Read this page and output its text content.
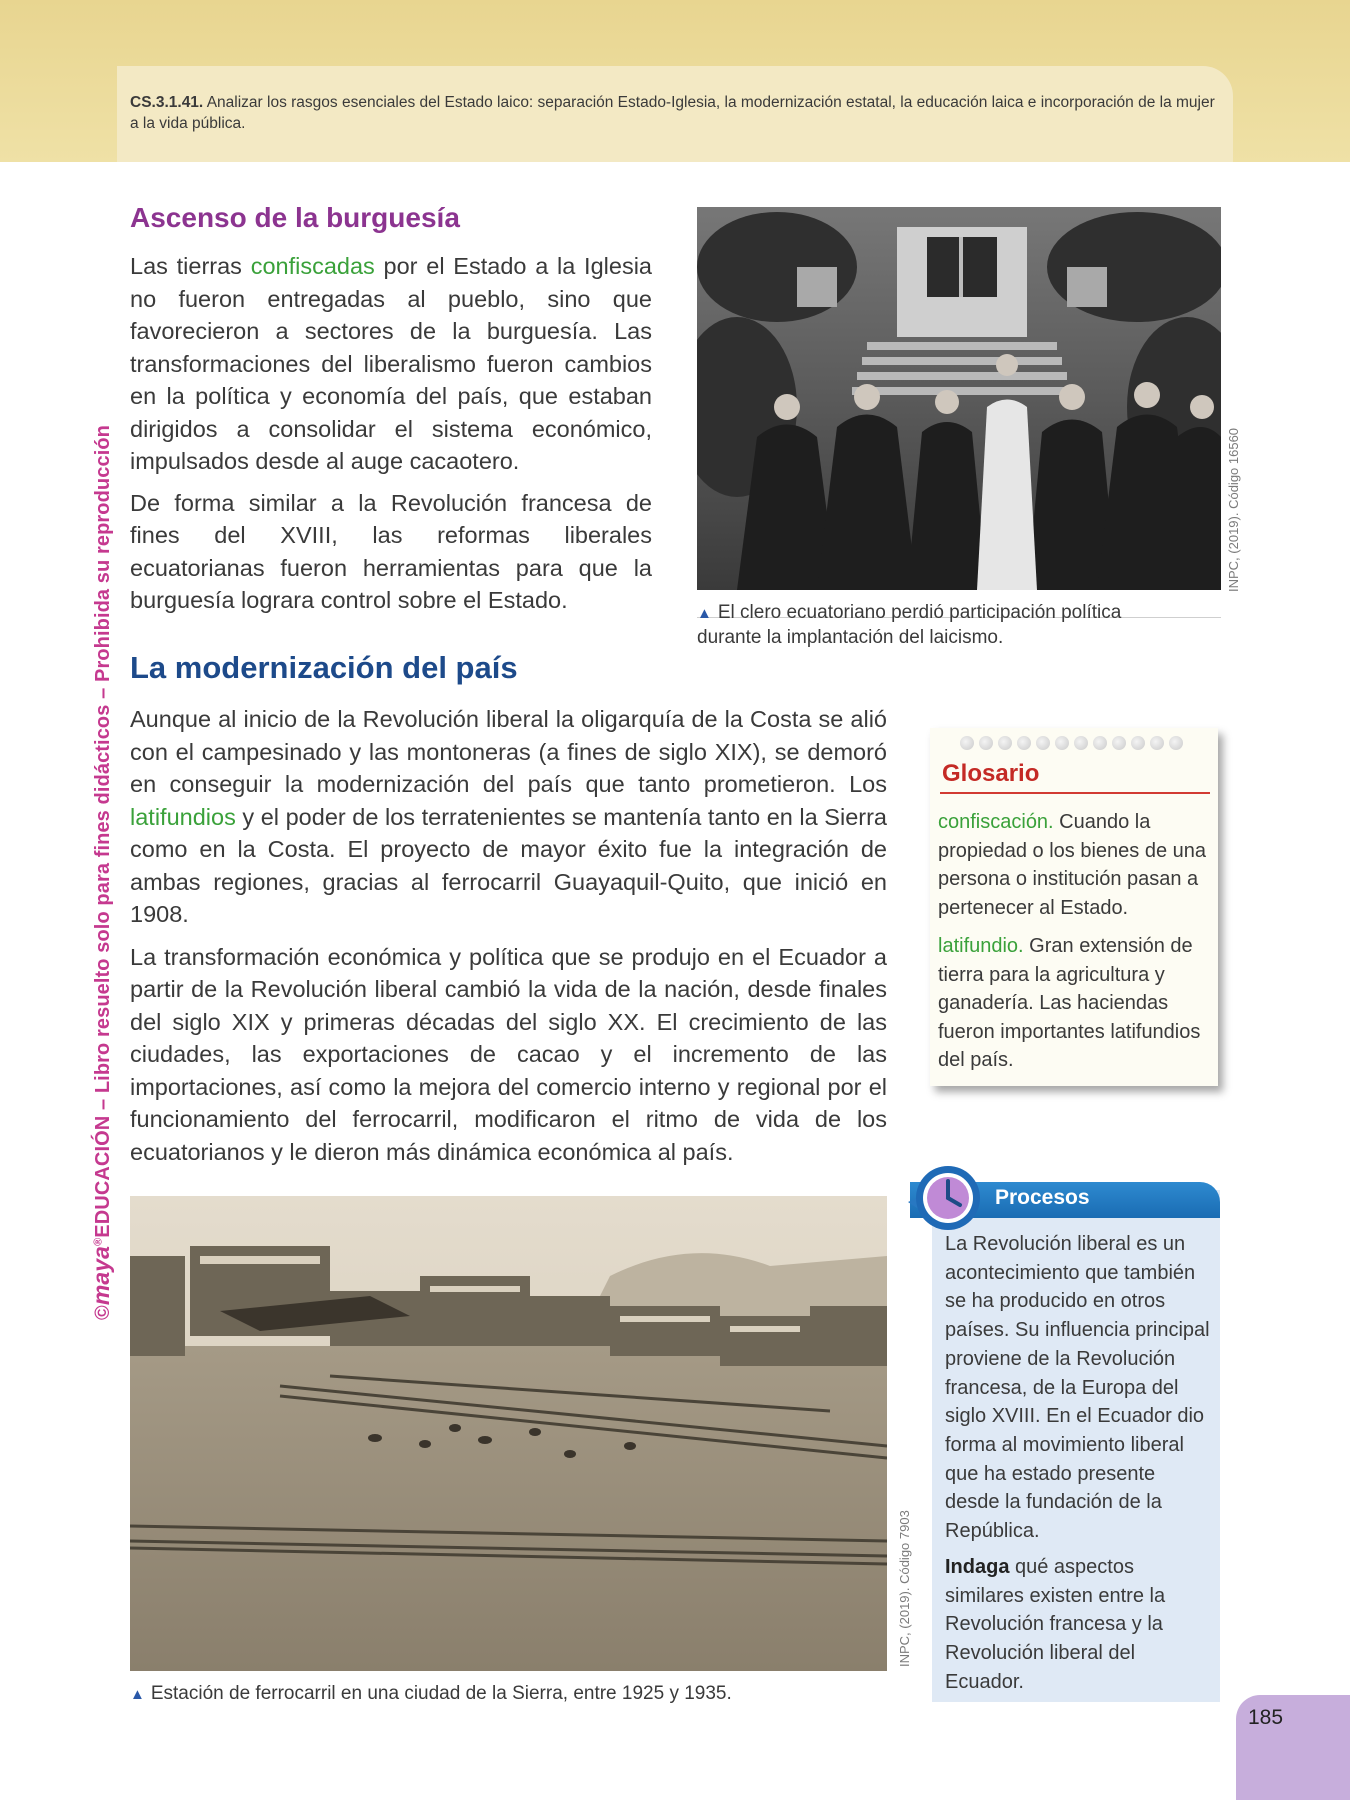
CS.3.1.41. Analizar los rasgos esenciales del Estado laico: separación Estado-Iglesia, la modernización estatal, la educación laica e incorporación de la mujer a la vida pública.
©maya®EDUCACIÓN – Libro resuelto solo para fines didácticos – Prohibida su reproducción
Ascenso de la burguesía

Las tierras confiscadas por el Estado a la Iglesia no fueron entregadas al pueblo, sino que favorecieron a sectores de la burguesía. Las transformaciones del liberalismo fueron cambios en la política y economía del país, que estaban dirigidos a consolidar el sistema económico, impulsados desde al auge cacaotero.

De forma similar a la Revolución francesa de fines del XVIII, las reformas liberales ecuatorianas fueron herramientas para que la burguesía lograra control sobre el Estado.

INPC, (2019). Código 16560
▲ El clero ecuatoriano perdió participación política durante la implantación del laicismo.
La modernización del país

Aunque al inicio de la Revolución liberal la oligarquía de la Costa se alió con el campesinado y las montoneras (a fines de siglo XIX), se demoró en conseguir la modernización del país que tanto prometieron. Los latifundios y el poder de los terratenientes se mantenía tanto en la Sierra como en la Costa. El proyecto de mayor éxito fue la integración de ambas regiones, gracias al ferrocarril Guayaquil-Quito, que inició en 1908.

La transformación económica y política que se produjo en el Ecuador a partir de la Revolución liberal cambió la vida de la nación, desde finales del siglo XIX y primeras décadas del siglo XX. El crecimiento de las ciudades, las exportaciones de cacao y el incremento de las importaciones, así como la mejora del comercio interno y regional por el funcionamiento del ferrocarril, modificaron el ritmo de vida de los ecuatorianos y le dieron más dinámica económica al país.

Glosario
confiscación. Cuando la propiedad o los bienes de una persona o institución pasan a pertenecer al Estado.
latifundio. Gran extensión de tierra para la agricultura y ganadería. Las haciendas fueron importantes latifundios del país.
INPC, (2019). Código 7903
▲ Estación de ferrocarril en una ciudad de la Sierra, entre 1925 y 1935.
Procesos
La Revolución liberal es un acontecimiento que también se ha producido en otros países. Su influencia principal proviene de la Revolución francesa, de la Europa del siglo XVIII. En el Ecuador dio forma al movimiento liberal que ha estado presente desde la fundación de la República.
Indaga qué aspectos similares existen entre la Revolución francesa y la Revolución liberal del Ecuador.
185
